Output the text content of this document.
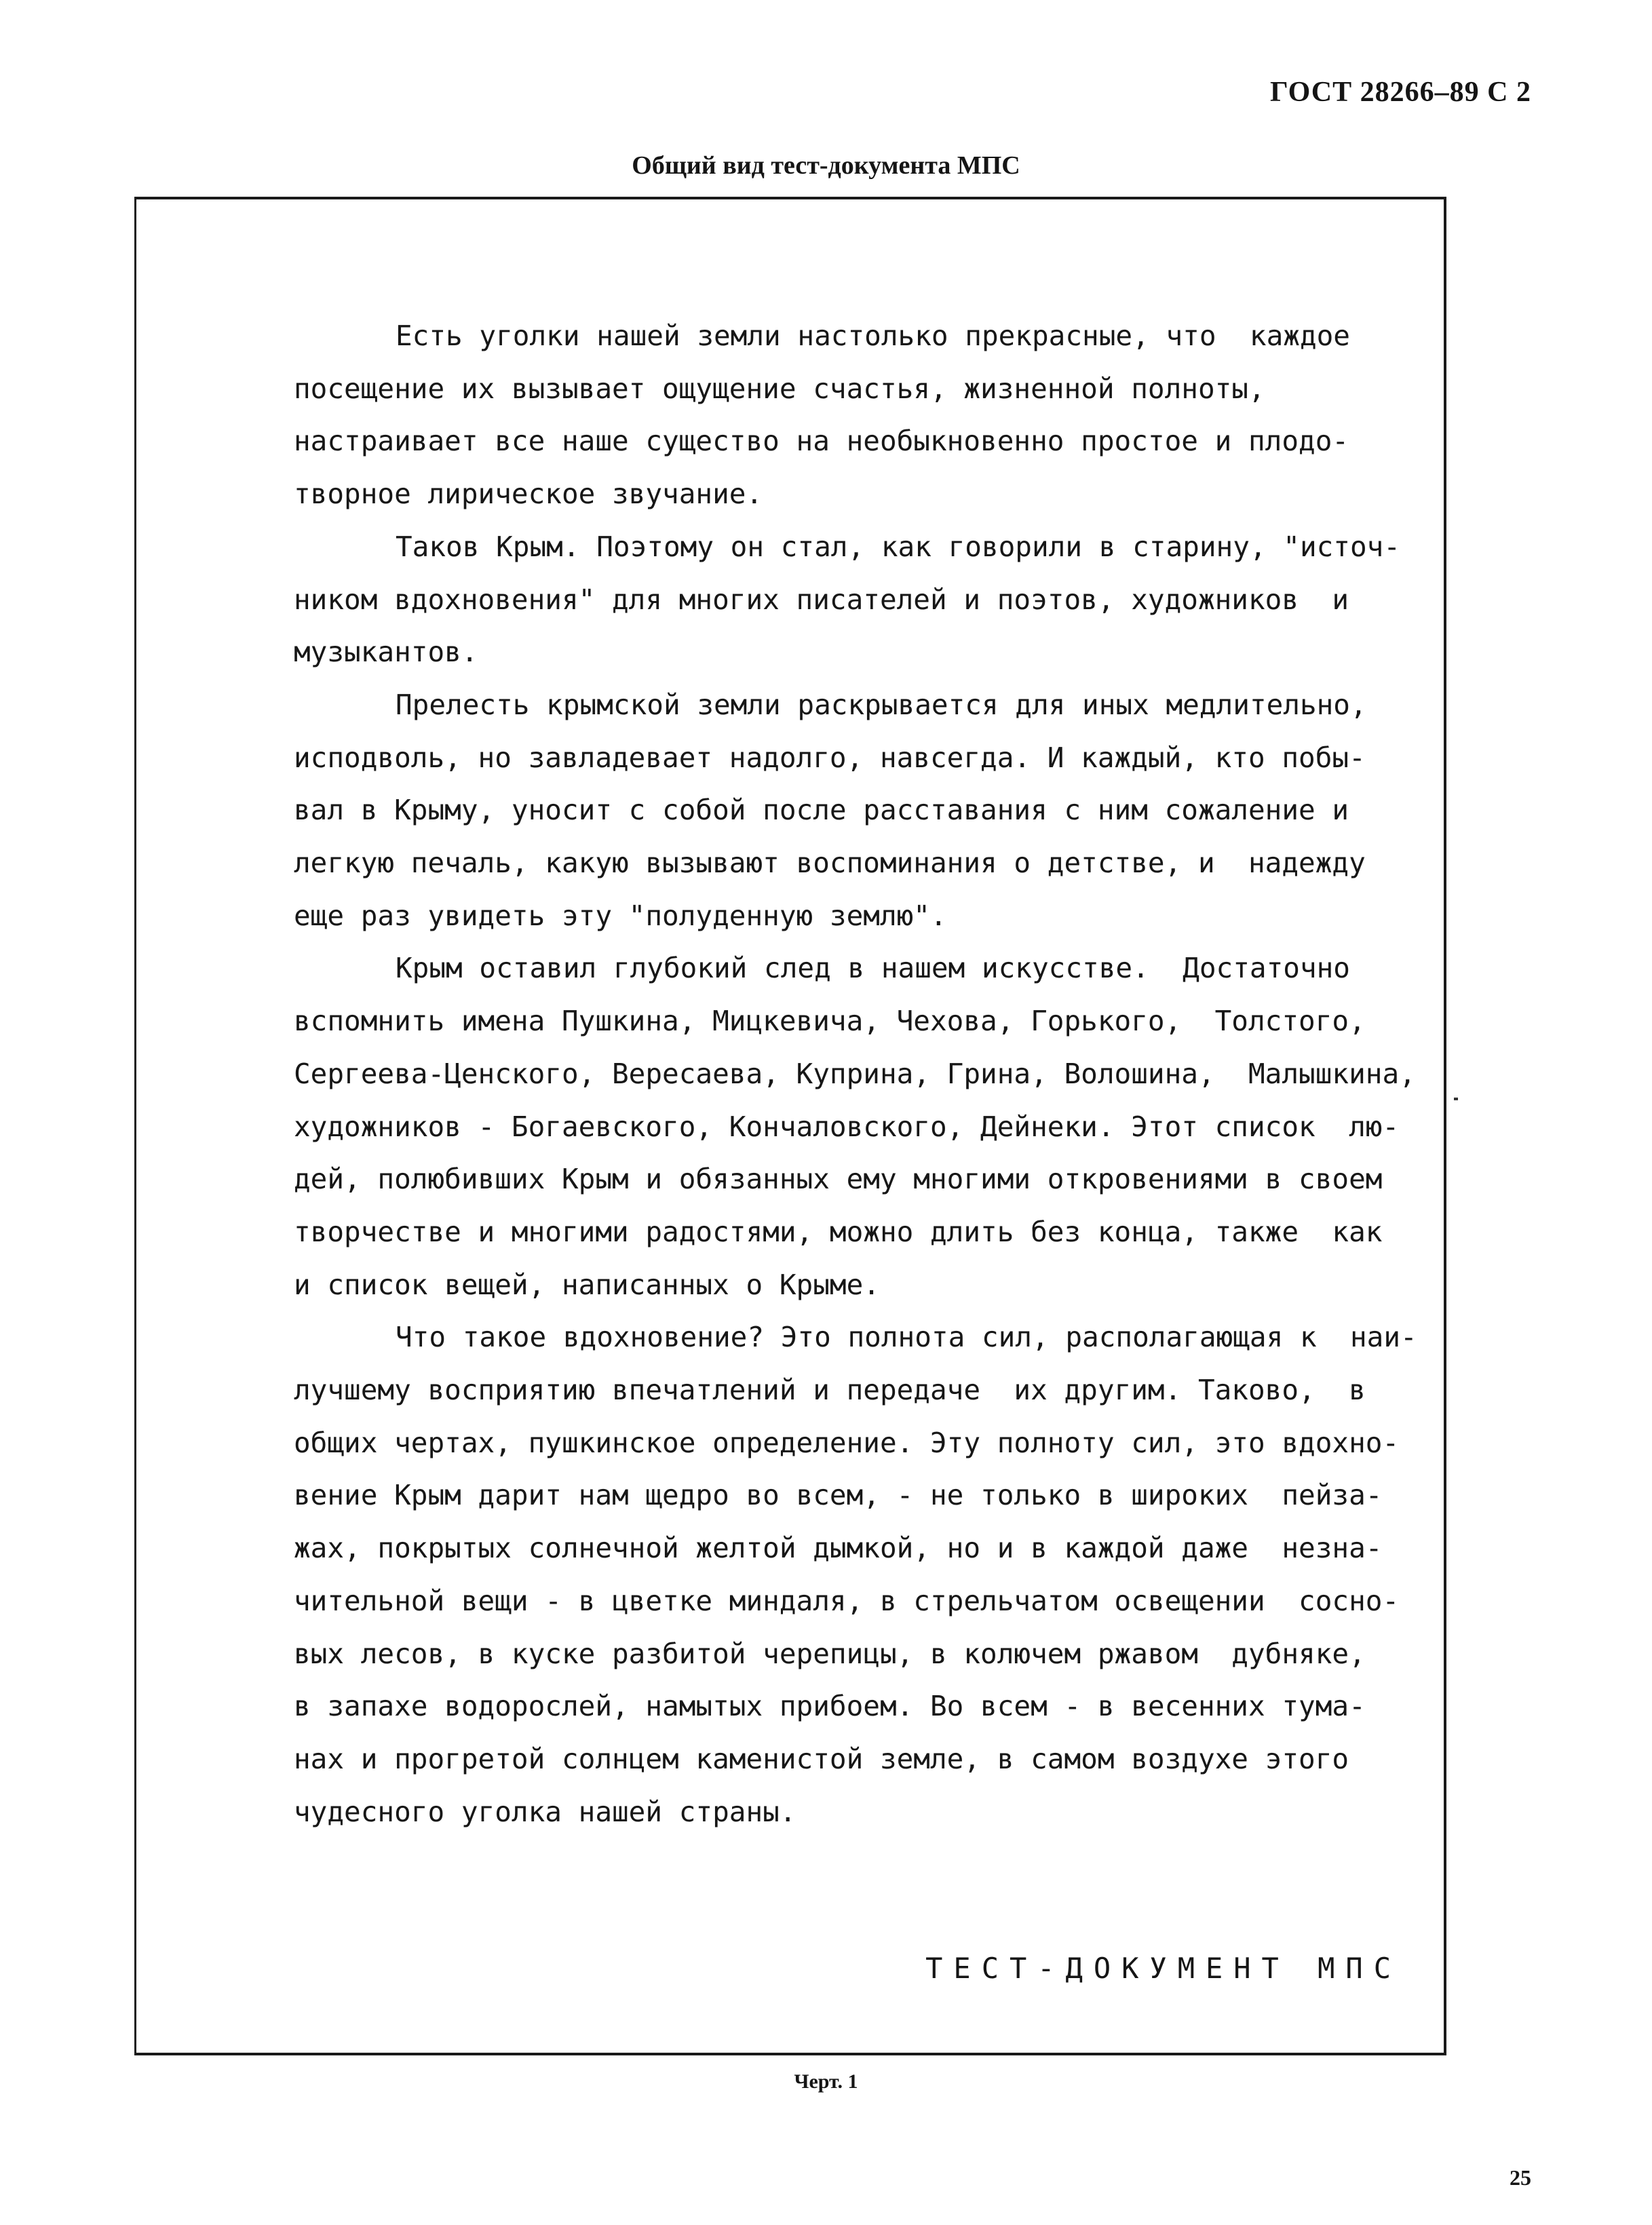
ГОСТ 28266–89 С 2
Общий вид тест-документа МПС
Есть уголки нашей земли настолько прекрасные, что  каждое
посещение их вызывает ощущение счастья, жизненной полноты,
настраивает все наше существо на необыкновенно простое и плодо-
творное лирическое звучание.
Таков Крым. Поэтому он стал, как говорили в старину, "источ-
ником вдохновения" для многих писателей и поэтов, художников  и
музыкантов.
Прелесть крымской земли раскрывается для иных медлительно,
исподволь, но завладевает надолго, навсегда. И каждый, кто побы-
вал в Крыму, уносит с собой после расставания с ним сожаление и
легкую печаль, какую вызывают воспоминания о детстве, и  надежду
еще раз увидеть эту "полуденную землю".
Крым оставил глубокий след в нашем искусстве.  Достаточно
вспомнить имена Пушкина, Мицкевича, Чехова, Горького,  Толстого,
Сергеева-Ценского, Вересаева, Куприна, Грина, Волошина,  Малышкина,
художников - Богаевского, Кончаловского, Дейнеки. Этот список  лю-
дей, полюбивших Крым и обязанных ему многими откровениями в своем
творчестве и многими радостями, можно длить без конца, также  как
и список вещей, написанных о Крыме.
Что такое вдохновение? Это полнота сил, располагающая к  наи-
лучшему восприятию впечатлений и передаче  их другим. Таково,  в
общих чертах, пушкинское определение. Эту полноту сил, это вдохно-
вение Крым дарит нам щедро во всем, - не только в широких  пейза-
жах, покрытых солнечной желтой дымкой, но и в каждой даже  незна-
чительной вещи - в цветке миндаля, в стрельчатом освещении  сосно-
вых лесов, в куске разбитой черепицы, в колючем ржавом  дубняке,
в запахе водорослей, намытых прибоем. Во всем - в весенних тума-
нах и прогретой солнцем каменистой земле, в самом воздухе этого
чудесного уголка нашей страны.
ТЕСТ-ДОКУМЕНТ МПС
Черт. 1
25
